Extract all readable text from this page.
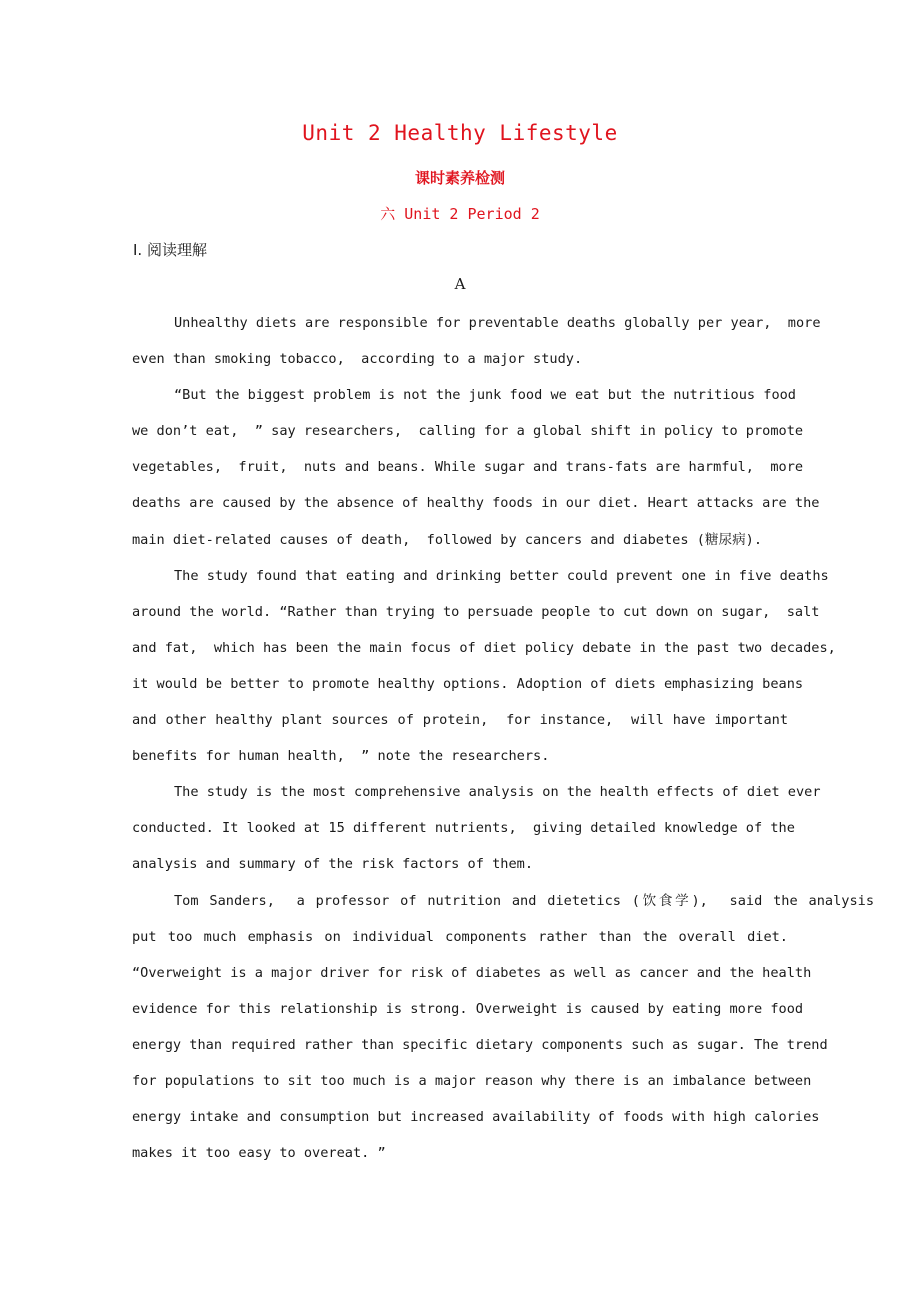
Unit 2 Healthy Lifestyle
课时素养检测
六 Unit 2 Period 2
Ⅰ. 阅读理解
A
Unhealthy diets are responsible for preventable deaths globally per year,  more
even than smoking tobacco,  according to a major study.
“But the biggest problem is not the junk food we eat but the nutritious food
we don’t eat,  ” say researchers,  calling for a global shift in policy to promote
vegetables,  fruit,  nuts and beans. While sugar and trans-fats are harmful,  more
deaths are caused by the absence of healthy foods in our diet. Heart attacks are the
main diet-related causes of death,  followed by cancers and diabetes (糖尿病).
The study found that eating and drinking better could prevent one in five deaths
around the world. “Rather than trying to persuade people to cut down on sugar,  salt
and fat,  which has been the main focus of diet policy debate in the past two decades,
it would be better to promote healthy options. Adoption of diets emphasizing beans
and other healthy plant sources of protein,  for instance,  will have important
benefits for human health,  ” note the researchers.
The study is the most comprehensive analysis on the health effects of diet ever
conducted. It looked at 15 different nutrients,  giving detailed knowledge of the
analysis and summary of the risk factors of them.
Tom Sanders,  a professor of nutrition and dietetics (饮食学),  said the analysis
put too much emphasis on individual components rather than the overall diet.
“Overweight is a major driver for risk of diabetes as well as cancer and the health
evidence for this relationship is strong. Overweight is caused by eating more food
energy than required rather than specific dietary components such as sugar. The trend
for populations to sit too much is a major reason why there is an imbalance between
energy intake and consumption but increased availability of foods with high calories
makes it too easy to overeat. ”
